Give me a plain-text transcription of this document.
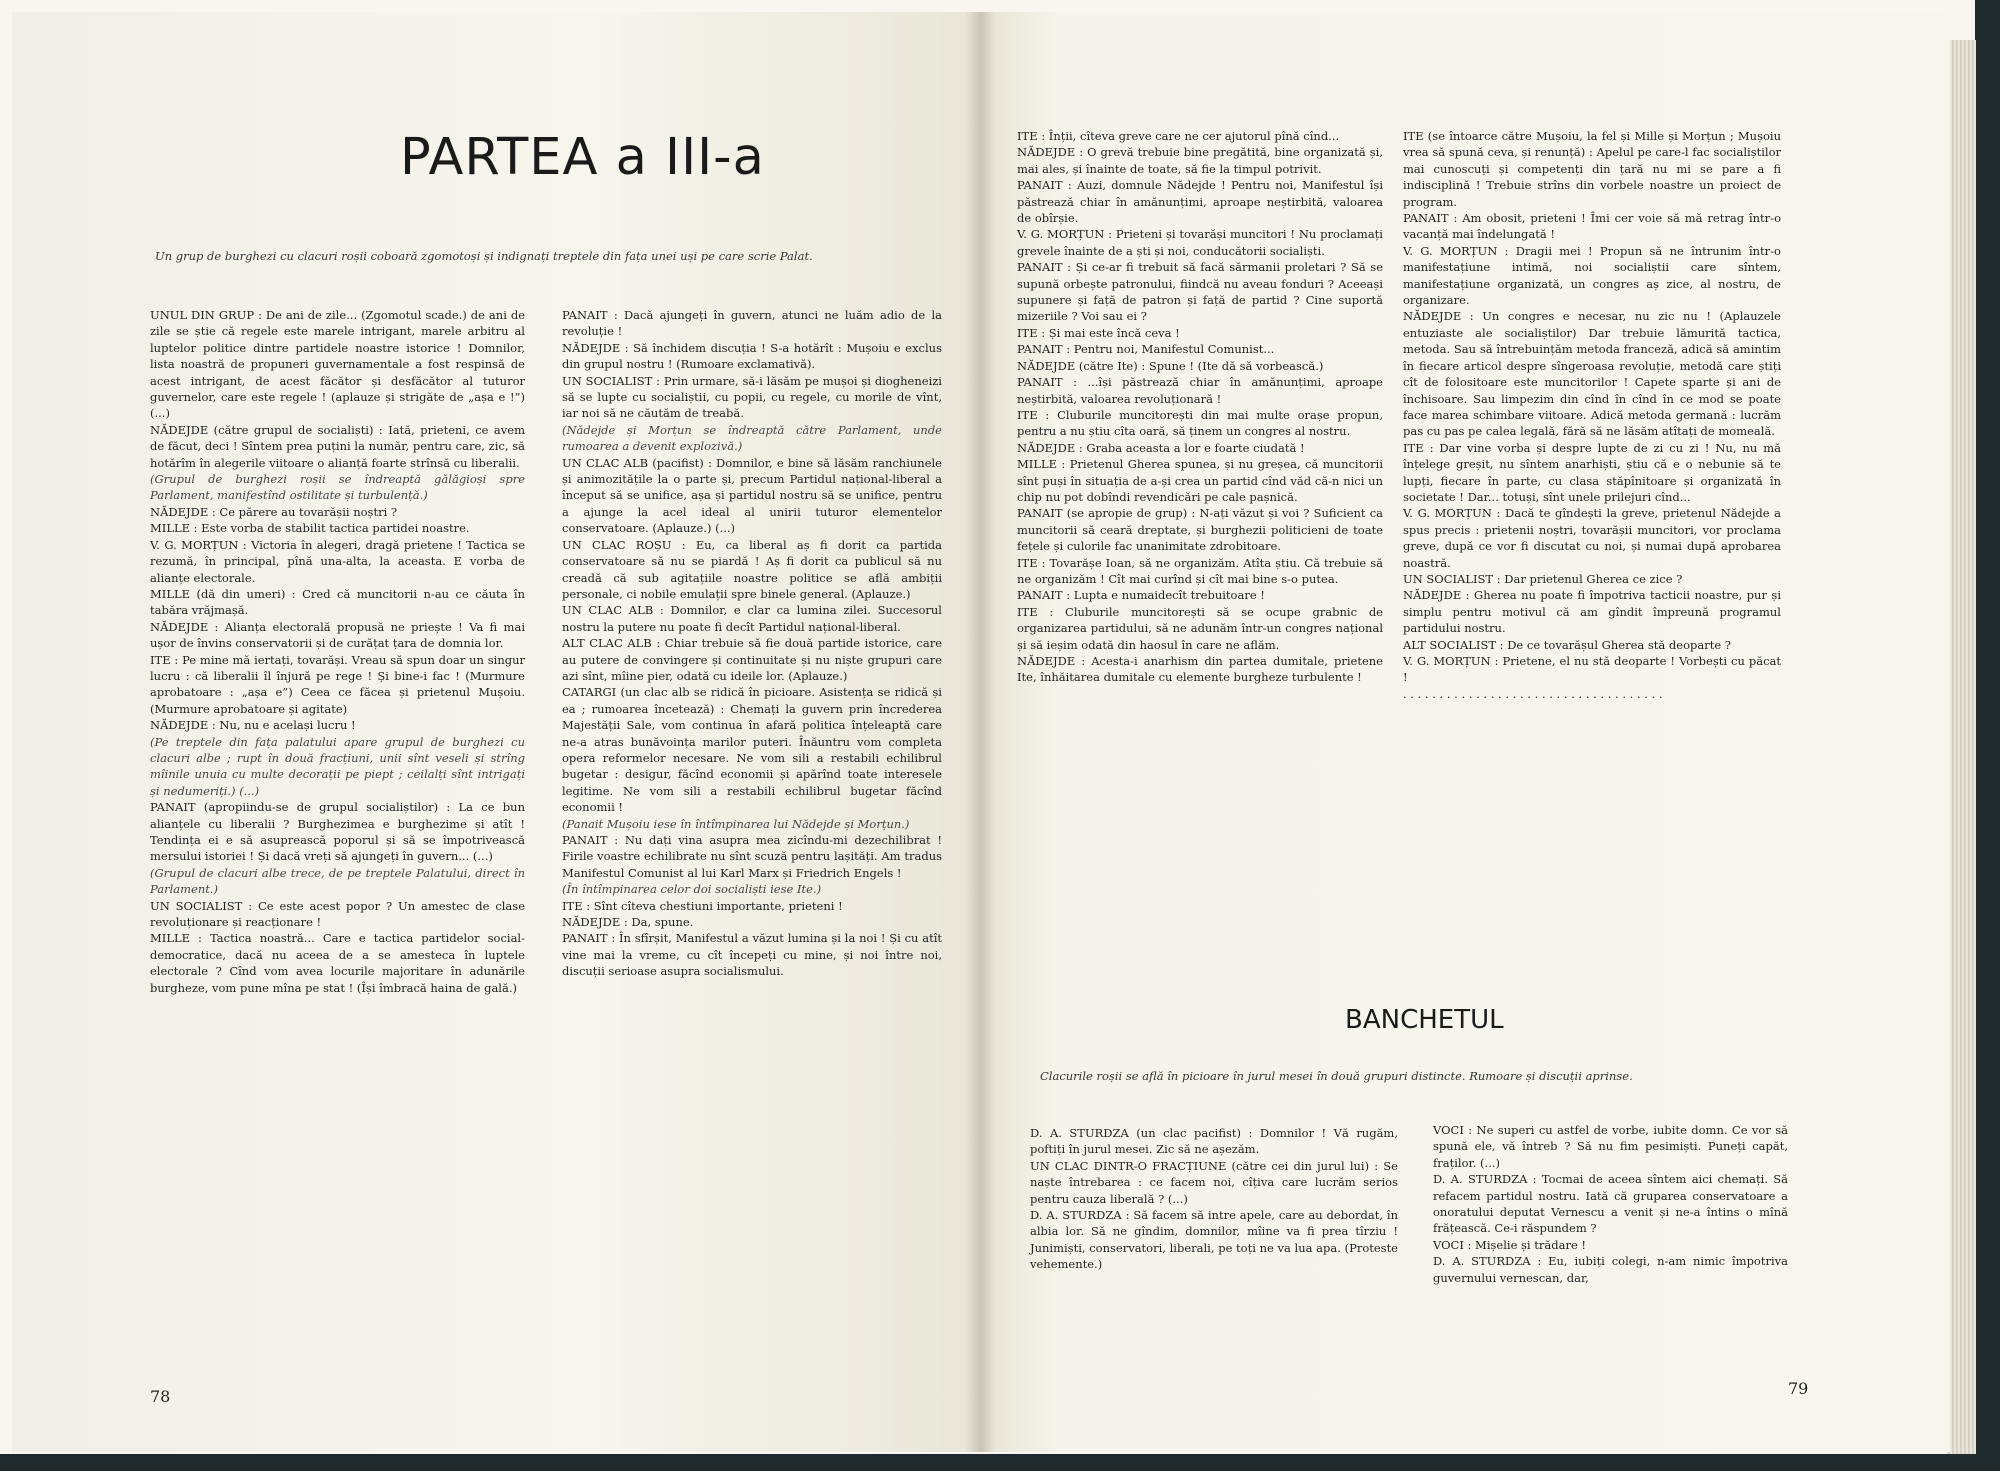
PARTEA a III-a
Un grup de burghezi cu clacuri roșii coboară zgomotoși și indignați treptele din fața unei uși pe care scrie Palat.

UNUL DIN GRUP : De ani de zile... (Zgomotul scade.) de ani de zile se știe că regele este marele intrigant, marele arbitru al luptelor politice dintre partidele noastre istorice ! Domnilor, lista noastră de propuneri guvernamentale a fost respinsă de acest intrigant, de acest făcător și desfăcător al tuturor guvernelor, care este regele ! (aplauze și strigăte de „așa e !”) (...)

NĂDEJDE (către grupul de socialiști) : Iată, prieteni, ce avem de făcut, deci ! Sîntem prea puțini la număr, pentru care, zic, să hotărîm în alegerile viitoare o alianță foarte strînsă cu liberalii.

(Grupul de burghezi roșii se îndreaptă gălăgioși spre Parlament, manifestînd ostilitate și turbulență.)

NĂDEJDE : Ce părere au tovarășii noștri ?

MILLE : Este vorba de stabilit tactica partidei noastre.

V. G. MORȚUN : Victoria în alegeri, dragă prietene ! Tactica se rezumă, în principal, pînă una-alta, la aceasta. E vorba de alianțe electorale.

MILLE (dă din umeri) : Cred că muncitorii n-au ce căuta în tabăra vrăjmașă.

NĂDEJDE : Alianța electorală propusă ne priește ! Va fi mai ușor de învins conservatorii și de curățat țara de domnia lor.

ITE : Pe mine mă iertați, tovarăși. Vreau să spun doar un singur lucru : că liberalii îl înjură pe rege ! Și bine-i fac ! (Murmure aprobatoare : „așa e”) Ceea ce făcea și prietenul Mușoiu. (Murmure aprobatoare și agitate)

NĂDEJDE : Nu, nu e același lucru !

(Pe treptele din fața palatului apare grupul de burghezi cu clacuri albe ; rupt în două fracțiuni, unii sînt veseli și strîng mîinile unuia cu multe decorații pe piept ; ceilalți sînt intrigați și nedumeriți.) (...)

PANAIT (apropiindu-se de grupul socialiștilor) : La ce bun alianțele cu liberalii ? Burghezimea e burghezime și atît ! Tendința ei e să asuprească poporul și să se împotrivească mersului istoriei ! Și dacă vreți să ajungeți în guvern... (...)

(Grupul de clacuri albe trece, de pe treptele Palatului, direct în Parlament.)

UN SOCIALIST : Ce este acest popor ? Un amestec de clase revoluționare și reacționare !

MILLE : Tactica noastră... Care e tactica partidelor social-democratice, dacă nu aceea de a se amesteca în luptele electorale ? Cînd vom avea locurile majoritare în adunările burgheze, vom pune mîna pe stat ! (Își îmbracă haina de gală.)

PANAIT : Dacă ajungeți în guvern, atunci ne luăm adio de la revoluție !

NĂDEJDE : Să închidem discuția ! S-a hotărît : Mușoiu e exclus din grupul nostru ! (Rumoare exclamativă).

UN SOCIALIST : Prin urmare, să-i lăsăm pe mușoi și diogheneizi să se lupte cu socialiștii, cu popii, cu regele, cu morile de vînt, iar noi să ne căutăm de treabă.

(Nădejde și Morțun se îndreaptă către Parlament, unde rumoarea a devenit explozivă.)

UN CLAC ALB (pacifist) : Domnilor, e bine să lăsăm ranchiunele și animozitățile la o parte și, precum Partidul național-liberal a început să se unifice, așa și partidul nostru să se unifice, pentru a ajunge la acel ideal al unirii tuturor elementelor conservatoare. (Aplauze.) (...)

UN CLAC ROȘU : Eu, ca liberal aș fi dorit ca partida conservatoare să nu se piardă ! Aș fi dorit ca publicul să nu creadă că sub agitațiile noastre politice se află ambiții personale, ci nobile emulații spre binele general. (Aplauze.)

UN CLAC ALB : Domnilor, e clar ca lumina zilei. Succesorul nostru la putere nu poate fi decît Partidul național-liberal.

ALT CLAC ALB : Chiar trebuie să fie două partide istorice, care au putere de convingere și continuitate și nu niște grupuri care azi sînt, mîine pier, odată cu ideile lor. (Aplauze.)

CATARGI (un clac alb se ridică în picioare. Asistența se ridică și ea ; rumoarea încetează) : Chemați la guvern prin încrederea Majestății Sale, vom continua în afară politica înțeleaptă care ne-a atras bunăvoința marilor puteri. Înăuntru vom completa opera reformelor necesare. Ne vom sili a restabili echilibrul bugetar : desigur, făcînd economii și apărînd toate interesele legitime. Ne vom sili a restabili echilibrul bugetar făcînd economii !

(Panait Mușoiu iese în întîmpinarea lui Nădejde și Morțun.)

PANAIT : Nu dați vina asupra mea zicîndu-mi dezechilibrat ! Firile voastre echilibrate nu sînt scuză pentru lașități. Am tradus Manifestul Comunist al lui Karl Marx și Friedrich Engels !

(În întîmpinarea celor doi socialiști iese Ite.)

ITE : Sînt cîteva chestiuni importante, prieteni !

NĂDEJDE : Da, spune.

PANAIT : În sfîrșit, Manifestul a văzut lumina și la noi ! Și cu atît vine mai la vreme, cu cît începeți cu mine, și noi între noi, discuții serioase asupra socialismului.

78

ITE : Înții, cîteva greve care ne cer ajutorul pînă cînd...

NĂDEJDE : O grevă trebuie bine pregătită, bine organizată și, mai ales, și înainte de toate, să fie la timpul potrivit.

PANAIT : Auzi, domnule Nădejde ! Pentru noi, Manifestul își păstrează chiar în amănunțimi, aproape neștirbită, valoarea de obîrșie.

V. G. MORȚUN : Prieteni și tovarăși muncitori ! Nu proclamați grevele înainte de a ști și noi, conducătorii socialiști.

PANAIT : Și ce-ar fi trebuit să facă sărmanii proletari ? Să se supună orbește patronului, fiindcă nu aveau fonduri ? Aceeași supunere și față de patron și față de partid ? Cine suportă mizeriile ? Voi sau ei ?

ITE : Și mai este încă ceva !

PANAIT : Pentru noi, Manifestul Comunist...

NĂDEJDE (către Ite) : Spune ! (Ite dă să vorbească.)

PANAIT : ...își păstrează chiar în amănunțimi, aproape neștirbită, valoarea revoluționară !

ITE : Cluburile muncitorești din mai multe orașe propun, pentru a nu știu cîta oară, să ținem un congres al nostru.

NĂDEJDE : Graba aceasta a lor e foarte ciudată !

MILLE : Prietenul Gherea spunea, și nu greșea, că muncitorii sînt puși în situația de a-și crea un partid cînd văd că-n nici un chip nu pot dobîndi revendicări pe cale pașnică.

PANAIT (se apropie de grup) : N-ați văzut și voi ? Suficient ca muncitorii să ceară dreptate, și burghezii politicieni de toate fețele și culorile fac unanimitate zdrobitoare.

ITE : Tovarășe Ioan, să ne organizăm. Atîta știu. Că trebuie să ne organizăm ! Cît mai curînd și cît mai bine s-o putea.

PANAIT : Lupta e numaidecît trebuitoare !

ITE : Cluburile muncitorești să se ocupe grabnic de organizarea partidului, să ne adunăm într-un congres național și să ieșim odată din haosul în care ne aflăm.

NĂDEJDE : Acesta-i anarhism din partea dumitale, prietene Ite, înhăitarea dumitale cu elemente burgheze turbulente !

ITE (se întoarce către Mușoiu, la fel și Mille și Morțun ; Mușoiu vrea să spună ceva, și renunță) : Apelul pe care-l fac socialiștilor mai cunoscuți și competenți din țară nu mi se pare a fi indisciplină ! Trebuie strîns din vorbele noastre un proiect de program.

PANAIT : Am obosit, prieteni ! Îmi cer voie să mă retrag într-o vacanță mai îndelungată !

V. G. MORȚUN : Dragii mei ! Propun să ne întrunim într-o manifestațiune intimă, noi socialiștii care sîntem, manifestațiune organizată, un congres aș zice, al nostru, de organizare.

NĂDEJDE : Un congres e necesar, nu zic nu ! (Aplauzele entuziaste ale socialiștilor) Dar trebuie lămurită tactica, metoda. Sau să întrebuințăm metoda franceză, adică să amintim în fiecare articol despre sîngeroasa revoluție, metodă care știți cît de folositoare este muncitorilor ! Capete sparte și ani de închisoare. Sau limpezim din cînd în cînd în ce mod se poate face marea schimbare viitoare. Adică metoda germană : lucrăm pas cu pas pe calea legală, fără să ne lăsăm atîtați de momeală.

ITE : Dar vine vorba și despre lupte de zi cu zi ! Nu, nu mă înțelege greșit, nu sîntem anarhiști, știu că e o nebunie să te lupți, fiecare în parte, cu clasa stăpînitoare și organizată în societate ! Dar... totuși, sînt unele prilejuri cînd...

V. G. MORȚUN : Dacă te gîndești la greve, prietenul Nădejde a spus precis : prietenii noștri, tovarășii muncitori, vor proclama greve, după ce vor fi discutat cu noi, și numai după aprobarea noastră.

UN SOCIALIST : Dar prietenul Gherea ce zice ?

NĂDEJDE : Gherea nu poate fi împotriva tacticii noastre, pur și simplu pentru motivul că am gîndit împreună programul partidului nostru.

ALT SOCIALIST : De ce tovarășul Gherea stă deoparte ?

V. G. MORȚUN : Prietene, el nu stă deoparte ! Vorbești cu păcat !

. . . . . . . . . . . . . . . . . . . . . . . . . . . . . . . . . . . .

BANCHETUL
Clacurile roșii se află în picioare în jurul mesei în două grupuri distincte. Rumoare și discuții aprinse.

D. A. STURDZA (un clac pacifist) : Domnilor ! Vă rugăm, poftiți în jurul mesei. Zic să ne așezăm.

UN CLAC DINTR-O FRACȚIUNE (către cei din jurul lui) : Se naște întrebarea : ce facem noi, cîțiva care lucrăm serios pentru cauza liberală ? (...)

D. A. STURDZA : Să facem să intre apele, care au debordat, în albia lor. Să ne gîndim, domnilor, mîine va fi prea tîrziu ! Junimiști, conservatori, liberali, pe toți ne va lua apa. (Proteste vehemente.)

VOCI : Ne superi cu astfel de vorbe, iubite domn. Ce vor să spună ele, vă întreb ? Să nu fim pesimiști. Puneți capăt, fraților. (...)

D. A. STURDZA : Tocmai de aceea sîntem aici chemați. Să refacem partidul nostru. Iată că gruparea conservatoare a onoratului deputat Vernescu a venit și ne-a întins o mînă frățească. Ce-i răspundem ?

VOCI : Mișelie și trădare !

D. A. STURDZA : Eu, iubiți colegi, n-am nimic împotriva guvernului vernescan, dar,

79
